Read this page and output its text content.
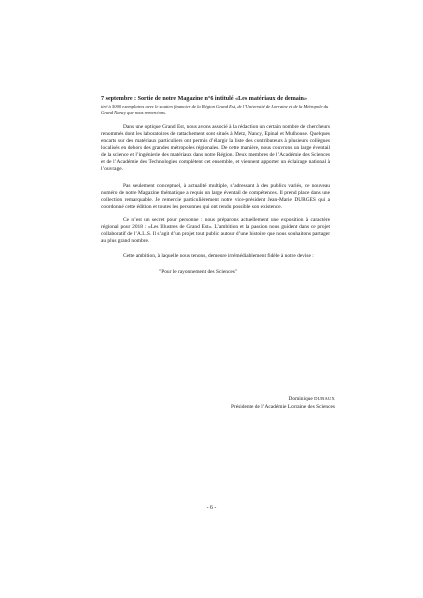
7 septembre : Sortie de notre Magazine n°6 intitulé «Les matériaux de demain»

tiré à 5000 exemplaires avec le soutien financier de la Région Grand Est, de l’Université de Lorraine et de la Métropole du Grand Nancy que nous remercions.

Dans une optique Grand Est, nous avons associé à la rédaction un certain nombre de chercheurs renommés dont les laboratoires de rattachement sont situés à Metz, Nancy, Epinal et Mulhouse. Quelques encarts sur des matériaux particuliers ont permis d’élargir la liste des contributeurs à plusieurs collègues localisés en dehors des grandes métropoles régionales. De cette manière, nous couvrons un large éventail de la science et l’ingénierie des matériaux dans notre Région. Deux membres de l’Académie des Sciences et de l’Académie des Technologies complètent cet ensemble, et viennent apporter un éclairage national à l’ouvrage.

Pas seulement conceptuel, à actualité multiple, s’adressant à des publics variés, ce nouveau numéro de notre Magazine thématique a requis un large éventail de compétences. Il prend place dans une collection remarquable. Je remercie particulièrement notre vice-président Jean-Marie DURGES qui a coordonné cette édition et toutes les personnes qui ont rendu possible son existence.

Ce n’est un secret pour personne : nous préparons actuellement une exposition à caractère régional pour 2018 : «Les Illustres de Grand Est». L’ambition et la passion nous guident dans ce projet collaboratif de l’A.L.S. Il s’agit d’un projet tout public autour d’une histoire que nous souhaitons partager au plus grand nombre.

Cette ambition, à laquelle nous tenons, demeure irrémédiablement fidèle à notre devise :

"Pour le rayonnement des Sciences"

Dominique DUBAUX
Présidente de l’Académie Lorraine des Sciences
- 6 -
